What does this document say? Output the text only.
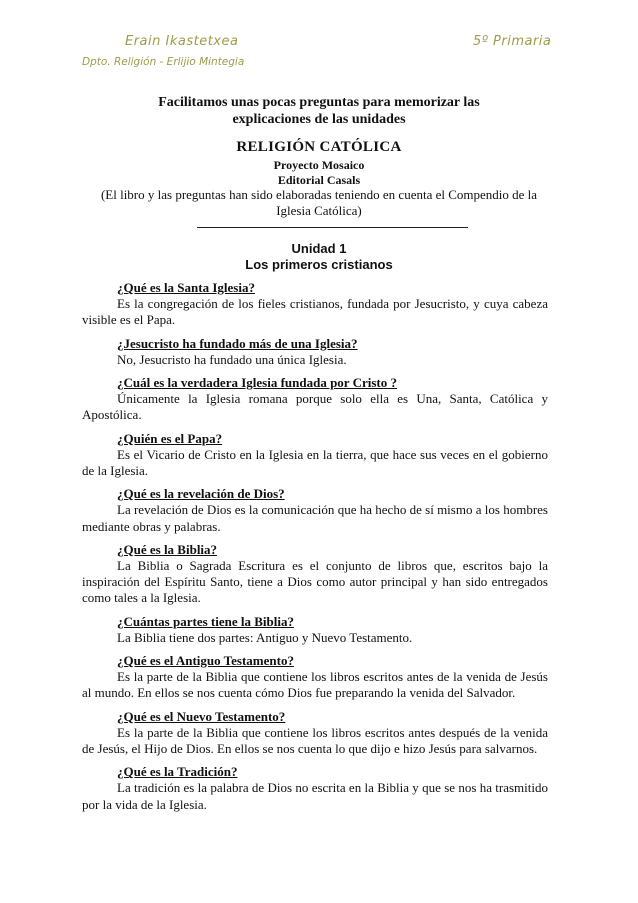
Erain Ikastetxea	5º Primaria
Dpto. Religión - Erlijio Mintegia
Facilitamos unas pocas preguntas para memorizar las
explicaciones de las unidades
RELIGIÓN CATÓLICA
Proyecto Mosaico
Editorial Casals
(El libro y las preguntas han sido elaboradas teniendo en cuenta el Compendio de la Iglesia Católica)
Unidad 1
Los primeros cristianos
¿Qué es la Santa Iglesia?
Es la congregación de los fieles cristianos, fundada por Jesucristo, y cuya cabeza visible es el Papa.
¿Jesucristo ha fundado más de una Iglesia?
No, Jesucristo ha fundado una única Iglesia.
¿Cuál es la verdadera Iglesia fundada por Cristo ?
Únicamente la Iglesia romana porque solo ella es Una, Santa, Católica y Apostólica.
¿Quién es el Papa?
Es el Vicario de Cristo en la Iglesia en la tierra, que hace sus veces en el gobierno de la Iglesia.
¿Qué es la revelación de Dios?
La revelación de Dios es la comunicación que ha hecho de sí mismo a los hombres mediante obras y palabras.
¿Qué es la Biblia?
La Biblia o Sagrada Escritura es el conjunto de libros que, escritos bajo la inspiración del Espíritu Santo, tiene a Dios como autor principal y han sido entregados como tales a la Iglesia.
¿Cuántas partes tiene la Biblia?
La Biblia tiene dos partes: Antiguo y Nuevo Testamento.
¿Qué es el Antiguo Testamento?
Es la parte de la Biblia que contiene los libros escritos antes de la venida de Jesús al mundo. En ellos se nos cuenta cómo Dios fue preparando la venida del Salvador.
¿Qué es el Nuevo Testamento?
Es la parte de la Biblia que contiene los libros escritos antes después de la venida de Jesús, el Hijo de Dios. En ellos se nos cuenta lo que dijo e hizo Jesús para salvarnos.
¿Qué es la Tradición?
La tradición es la palabra de Dios no escrita en la Biblia y que se nos ha trasmitido por la vida de la Iglesia.
